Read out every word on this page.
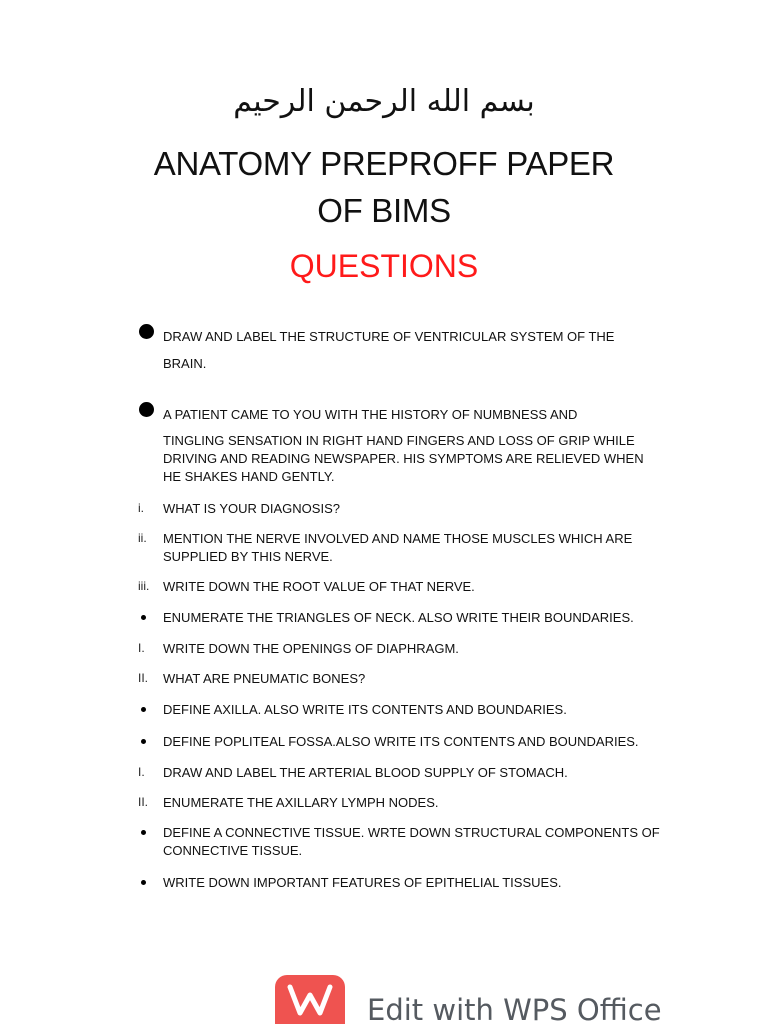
بسم الله الرحمن الرحيم
ANATOMY PREPROFF PAPER
OF BIMS
QUESTIONS
DRAW AND LABEL THE STRUCTURE OF VENTRICULAR SYSTEM OF THE
BRAIN.
A PATIENT CAME TO YOU WITH THE HISTORY OF NUMBNESS AND
TINGLING SENSATION IN RIGHT HAND FINGERS AND LOSS OF GRIP WHILE DRIVING AND READING NEWSPAPER. HIS SYMPTOMS ARE RELIEVED WHEN HE SHAKES HAND GENTLY.
i. WHAT IS YOUR DIAGNOSIS?
ii. MENTION THE NERVE INVOLVED AND NAME THOSE MUSCLES WHICH ARE SUPPLIED BY THIS NERVE.
iii. WRITE DOWN THE ROOT VALUE OF THAT NERVE.
ENUMERATE THE TRIANGLES OF NECK. ALSO WRITE THEIR BOUNDARIES.
I. WRITE DOWN THE OPENINGS OF DIAPHRAGM.
II. WHAT ARE PNEUMATIC BONES?
DEFINE AXILLA. ALSO WRITE ITS CONTENTS AND BOUNDARIES.
DEFINE POPLITEAL FOSSA.ALSO WRITE ITS CONTENTS AND BOUNDARIES.
I. DRAW AND LABEL THE ARTERIAL BLOOD SUPPLY OF STOMACH.
II. ENUMERATE THE AXILLARY LYMPH NODES.
DEFINE A CONNECTIVE TISSUE. WRTE DOWN STRUCTURAL COMPONENTS OF CONNECTIVE TISSUE.
WRITE DOWN IMPORTANT FEATURES OF EPITHELIAL TISSUES.
Edit with WPS Office
